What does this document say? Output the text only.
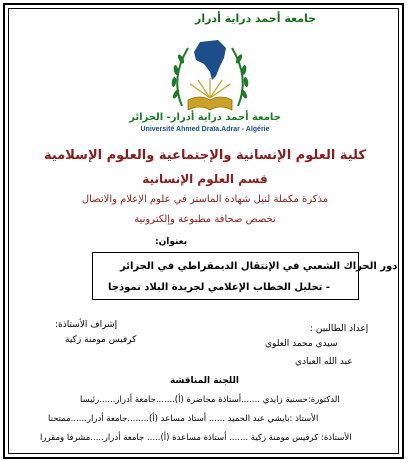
جامعة أحمد دراية أدرار
جامعة أحمد دراية أدرار- الجزائر
Université Ahmed Draïa.Adrar - Algérie
كلية العلوم الإنسانية والإجتماعية والعلوم الإسلامية
قسم العلوم الإنسانية
مذكرة مكملة لنيل شهادة الماستر في علوم الإعلام والاتصال
تخصص صحافة مطبوعة وإلكترونية
بعنوان:
دور الحراك الشعبي في الإنتقال الديمقراطي في الجزائر
- تحليل الخطاب الإعلامي لجريدة البلاد نموذجا
إعداد الطالبين :
إشراف الأستاذة:
سيدي محمد العلوي
كرفيس مومنة زكية
عبد الله العبادي
اللجنة المناقشة
الدكتورة:حسنية زايدي .......أستاذة محاضرة (أ).......جامعة أدرار......رئيسا
الأستاذ :بايشي عبد الحميد ...... أستاذ مساعد (أ)........جامعة أدرار......ممتحنا
الأستاذة: كرفيس مومنة زكية ....... أستاذة مساعدة (أ)..... جامعة أدرار.....مشرفا ومقررا
